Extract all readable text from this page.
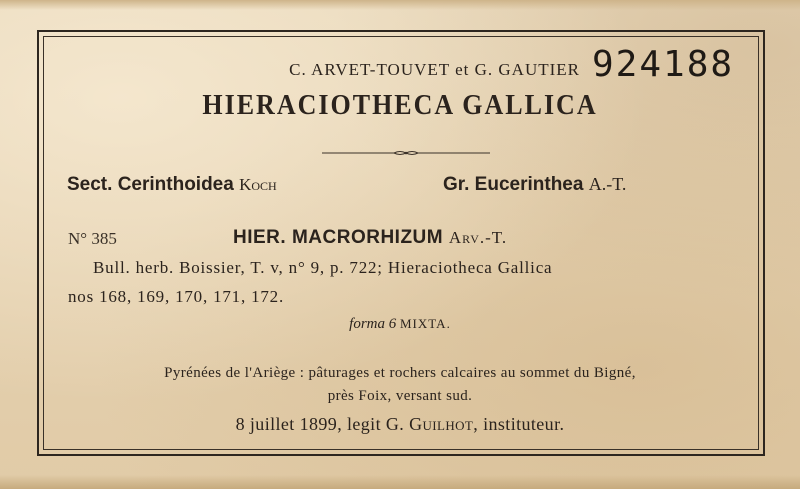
C. ARVET-TOUVET et G. GAUTIER 924188
HIERACIOTHECA GALLICA
Sect. Cerinthoidea Koch	Gr. Eucerinthea A.-T.
N° 385	HIER. MACRORHIZUM Arv.-T.
Bull. herb. Boissier, T. v, n° 9, p. 722; Hieraciotheca Gallica
nos 168, 169, 170, 171, 172.
forma 6 MIXTA.
Pyrénées de l'Ariège : pâturages et rochers calcaires au sommet du Bigné,
près Foix, versant sud.
8 juillet 1899, legit G. Guilhot, instituteur.
